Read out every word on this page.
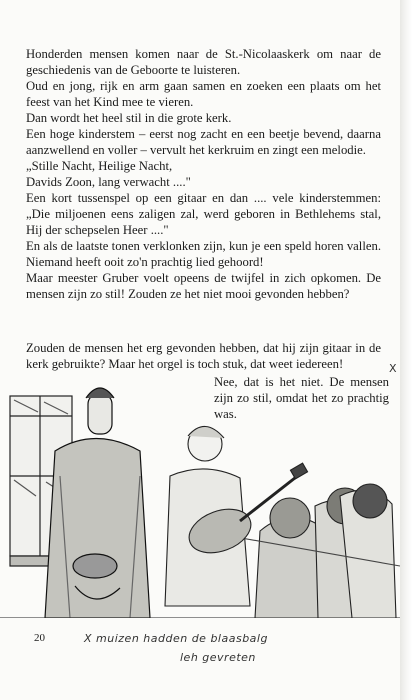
Honderden mensen komen naar de St.-Nicolaaskerk om naar de geschiedenis van de Geboorte te luisteren.

Oud en jong, rijk en arm gaan samen en zoeken een plaats om het feest van het Kind mee te vieren.

Dan wordt het heel stil in die grote kerk.

Een hoge kinderstem – eerst nog zacht en een beetje bevend, daarna aanzwellend en voller – vervult het kerkruim en zingt een melodie.

„Stille Nacht, Heilige Nacht,

Davids Zoon, lang verwacht ...."

Een kort tussenspel op een gitaar en dan .... vele kinderstemmen: „Die miljoenen eens zaligen zal, werd geboren in Bethlehems stal, Hij der schepselen Heer ...."

En als de laatste tonen verklonken zijn, kun je een speld horen vallen. Niemand heeft ooit zo'n prachtig lied gehoord!

Maar meester Gruber voelt opeens de twijfel in zich opkomen. De mensen zijn zo stil! Zouden ze het niet mooi gevonden hebben?

Zouden de mensen het erg gevonden hebben, dat hij zijn gitaar in de kerk gebruikte? Maar het orgel is toch stuk, dat weet iedereen!

Nee, dat is het niet. De mensen zijn zo stil, omdat het zo prachtig was.

X
20	X muizen hadden de blaasbalg
leh gevreten
